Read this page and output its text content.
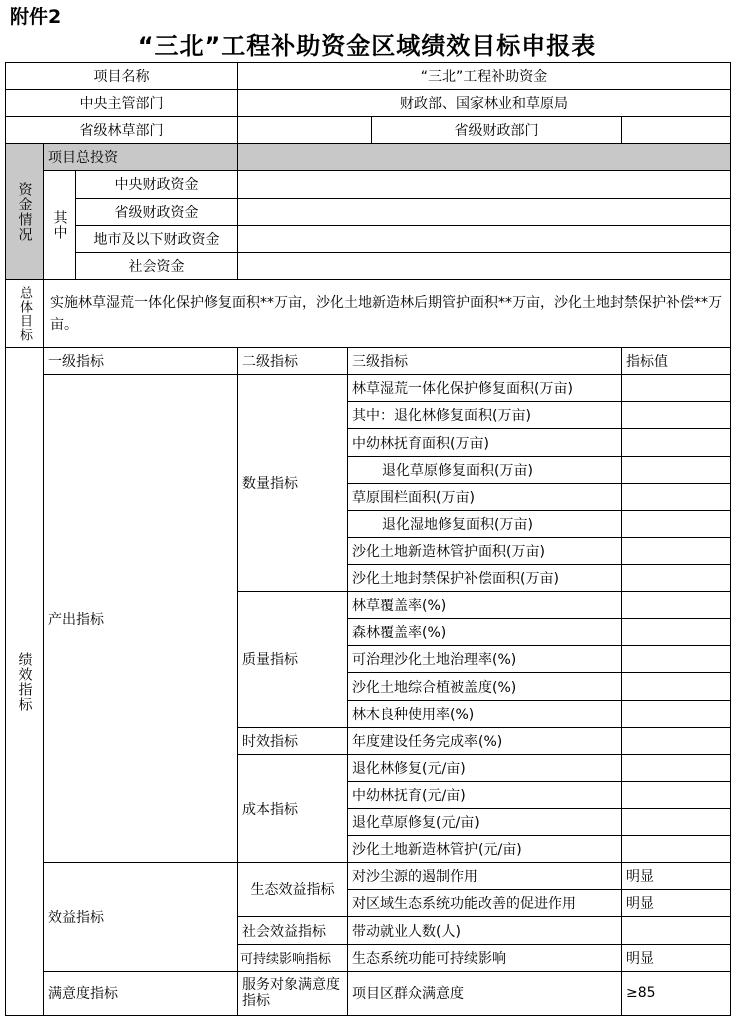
附件2
“三北”工程补助资金区域绩效目标申报表
项目名称			“三北”工程补助资金			
中央主管部门			财政部、国家林业和草原局			
省级林草部门					省级财政部门	
资金情况	项目总投资					
	其中	中央财政资金				
		省级财政资金				
		地市及以下财政资金				
		社会资金				
总体目标	实施林草湿荒一体化保护修复面积**万亩，沙化土地新造林后期管护面积**万亩，沙化土地封禁保护补偿**万亩。					
绩效指标	一级指标		二级指标	三级指标		指标值
	产出指标		数量指标	林草湿荒一体化保护修复面积(万亩)		
				其中：退化林修复面积(万亩)		
				中幼林抚育面积(万亩)		
				退化草原修复面积(万亩)		
				草原围栏面积(万亩)		
				退化湿地修复面积(万亩)		
				沙化土地新造林管护面积(万亩)		
				沙化土地封禁保护补偿面积(万亩)		
			质量指标	林草覆盖率(%)		
				森林覆盖率(%)		
				可治理沙化土地治理率(%)		
				沙化土地综合植被盖度(%)		
				林木良种使用率(%)		
			时效指标	年度建设任务完成率(%)		
			成本指标	退化林修复(元/亩)		
				中幼林抚育(元/亩)		
				退化草原修复(元/亩)		
				沙化土地新造林管护(元/亩)		
	效益指标		生态效益指标	对沙尘源的遏制作用		明显
				对区域生态系统功能改善的促进作用		明显
			社会效益指标	带动就业人数(人)		
			可持续影响指标	生态系统功能可持续影响		明显
	满意度指标		服务对象满意度指标	项目区群众满意度		≥85
